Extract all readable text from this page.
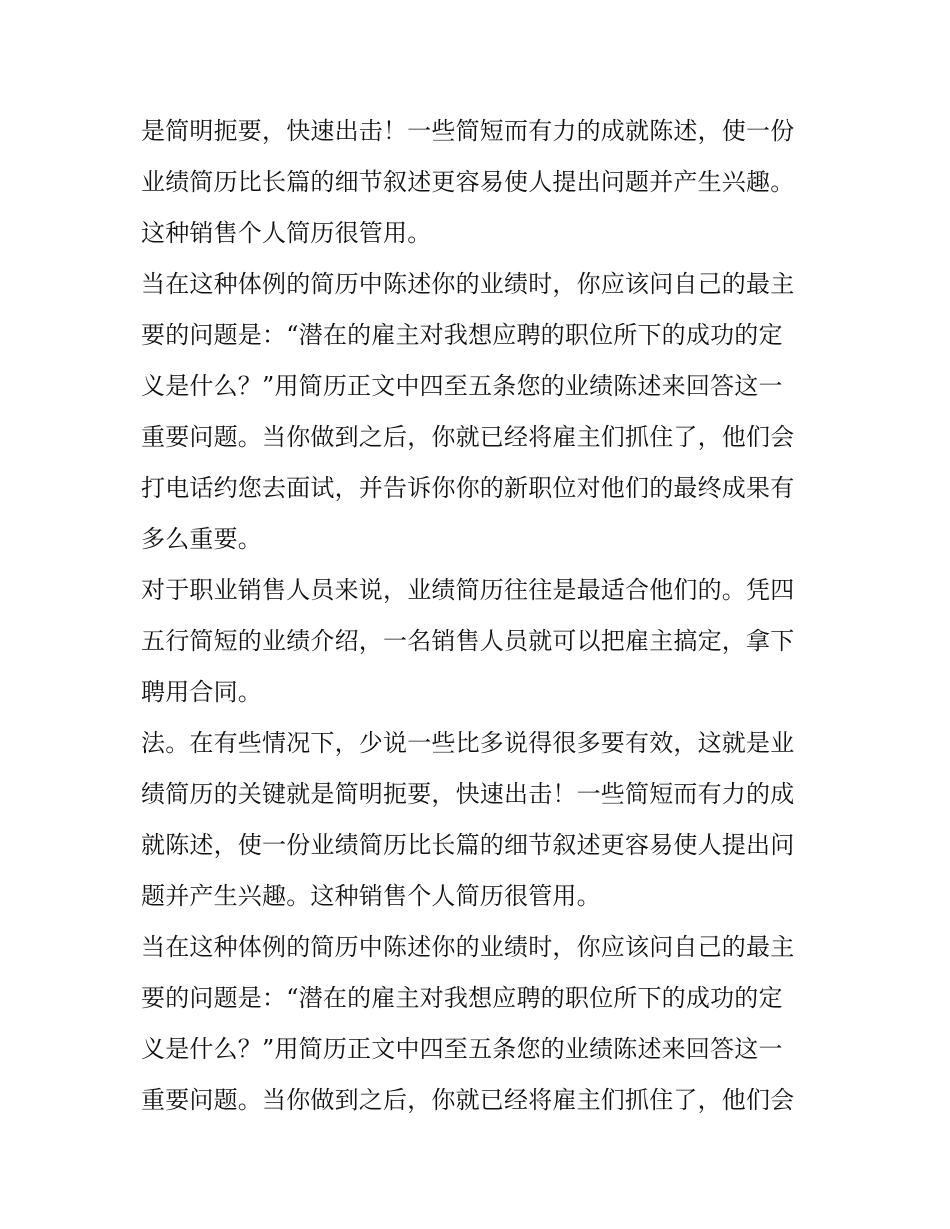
是简明扼要，快速出击！一些简短而有力的成就陈述，使一份
业绩简历比长篇的细节叙述更容易使人提出问题并产生兴趣。
这种销售个人简历很管用。
当在这种体例的简历中陈述你的业绩时，你应该问自己的最主
要的问题是：“潜在的雇主对我想应聘的职位所下的成功的定
义是什么？”用简历正文中四至五条您的业绩陈述来回答这一
重要问题。当你做到之后，你就已经将雇主们抓住了，他们会
打电话约您去面试，并告诉你你的新职位对他们的最终成果有
多么重要。
对于职业销售人员来说，业绩简历往往是最适合他们的。凭四
五行简短的业绩介绍，一名销售人员就可以把雇主搞定，拿下
聘用合同。
法。在有些情况下，少说一些比多说得很多要有效，这就是业
绩简历的关键就是简明扼要，快速出击！一些简短而有力的成
就陈述，使一份业绩简历比长篇的细节叙述更容易使人提出问
题并产生兴趣。这种销售个人简历很管用。
当在这种体例的简历中陈述你的业绩时，你应该问自己的最主
要的问题是：“潜在的雇主对我想应聘的职位所下的成功的定
义是什么？”用简历正文中四至五条您的业绩陈述来回答这一
重要问题。当你做到之后，你就已经将雇主们抓住了，他们会
